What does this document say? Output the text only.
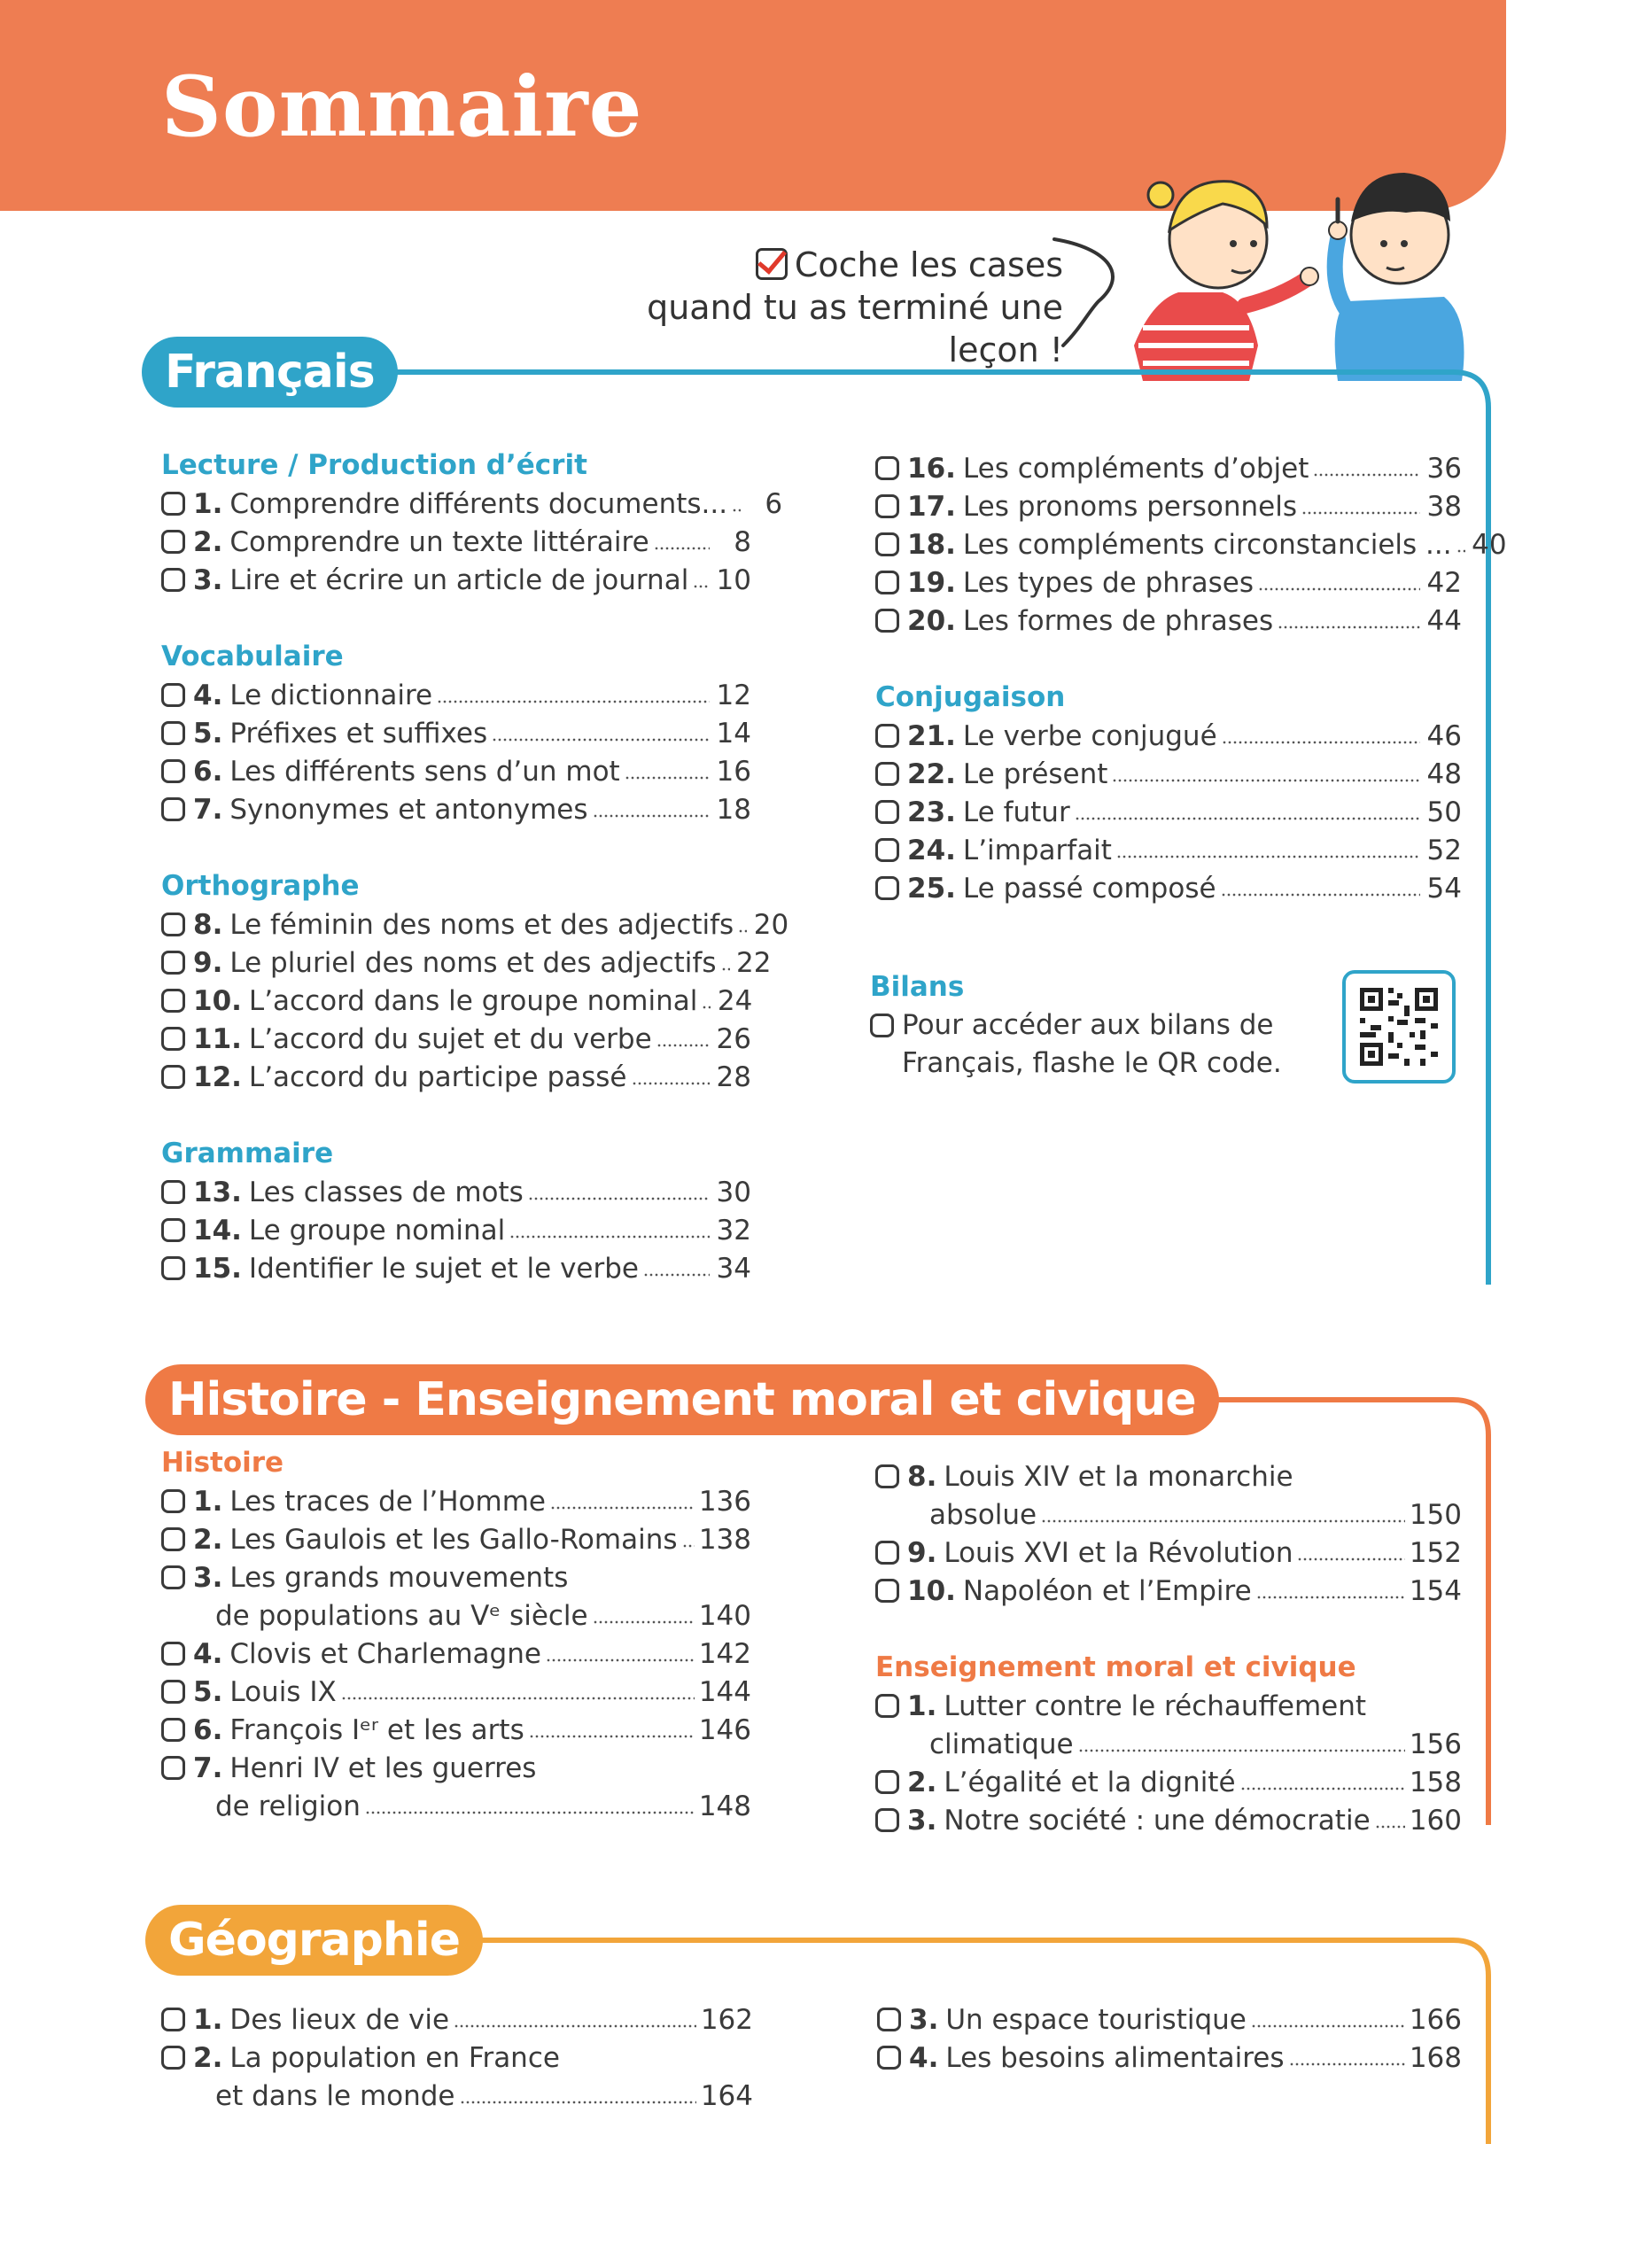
Sommaire
Coche les cases
quand tu as terminé une leçon !
Français
Histoire - Enseignement moral et civique
Géographie
Lecture / Production d’écrit
1. Comprendre différents documents...	6
2. Comprendre un texte littéraire	8
3. Lire et écrire un article de journal 10
Vocabulaire
4. Le dictionnaire	12
5. Préfixes et suffixes	14
6. Les différents sens d’un mot	16
7. Synonymes et antonymes	18
Orthographe
8. Le féminin des noms et des adjectifs 20
9. Le pluriel des noms et des adjectifs 22
10. L’accord dans le groupe nominal 24
11. L’accord du sujet et du verbe 26
12. L’accord du participe passé	28
Grammaire
13. Les classes de mots	30
14. Le groupe nominal	32
15. Identifier le sujet et le verbe	34
16. Les compléments d’objet	36
17. Les pronoms personnels	38
18. Les compléments circonstanciels ... 40
19. Les types de phrases	42
20. Les formes de phrases	44
Conjugaison
21. Le verbe conjugué	46
22. Le présent	48
23. Le futur	50
24. L’imparfait	52
25. Le passé composé	54
Bilans
Pour accéder aux bilans de
Français, flashe le QR code.
Histoire
1. Les traces de l’Homme	136
2. Les Gaulois et les Gallo-Romains 138
3. Les grands mouvements
de populations au Vᵉ siècle	140
4. Clovis et Charlemagne	142
5. Louis IX	144
6. François Iᵉʳ et les arts	146
7. Henri IV et les guerres
de religion	148
8. Louis XIV et la monarchie
absolue	150
9. Louis XVI et la Révolution	152
10. Napoléon et l’Empire	154
Enseignement moral et civique
1. Lutter contre le réchauffement
climatique	156
2. L’égalité et la dignité	158
3. Notre société : une démocratie 160
1. Des lieux de vie	162
2. La population en France
et dans le monde	164
3. Un espace touristique	166
4. Les besoins alimentaires	168
